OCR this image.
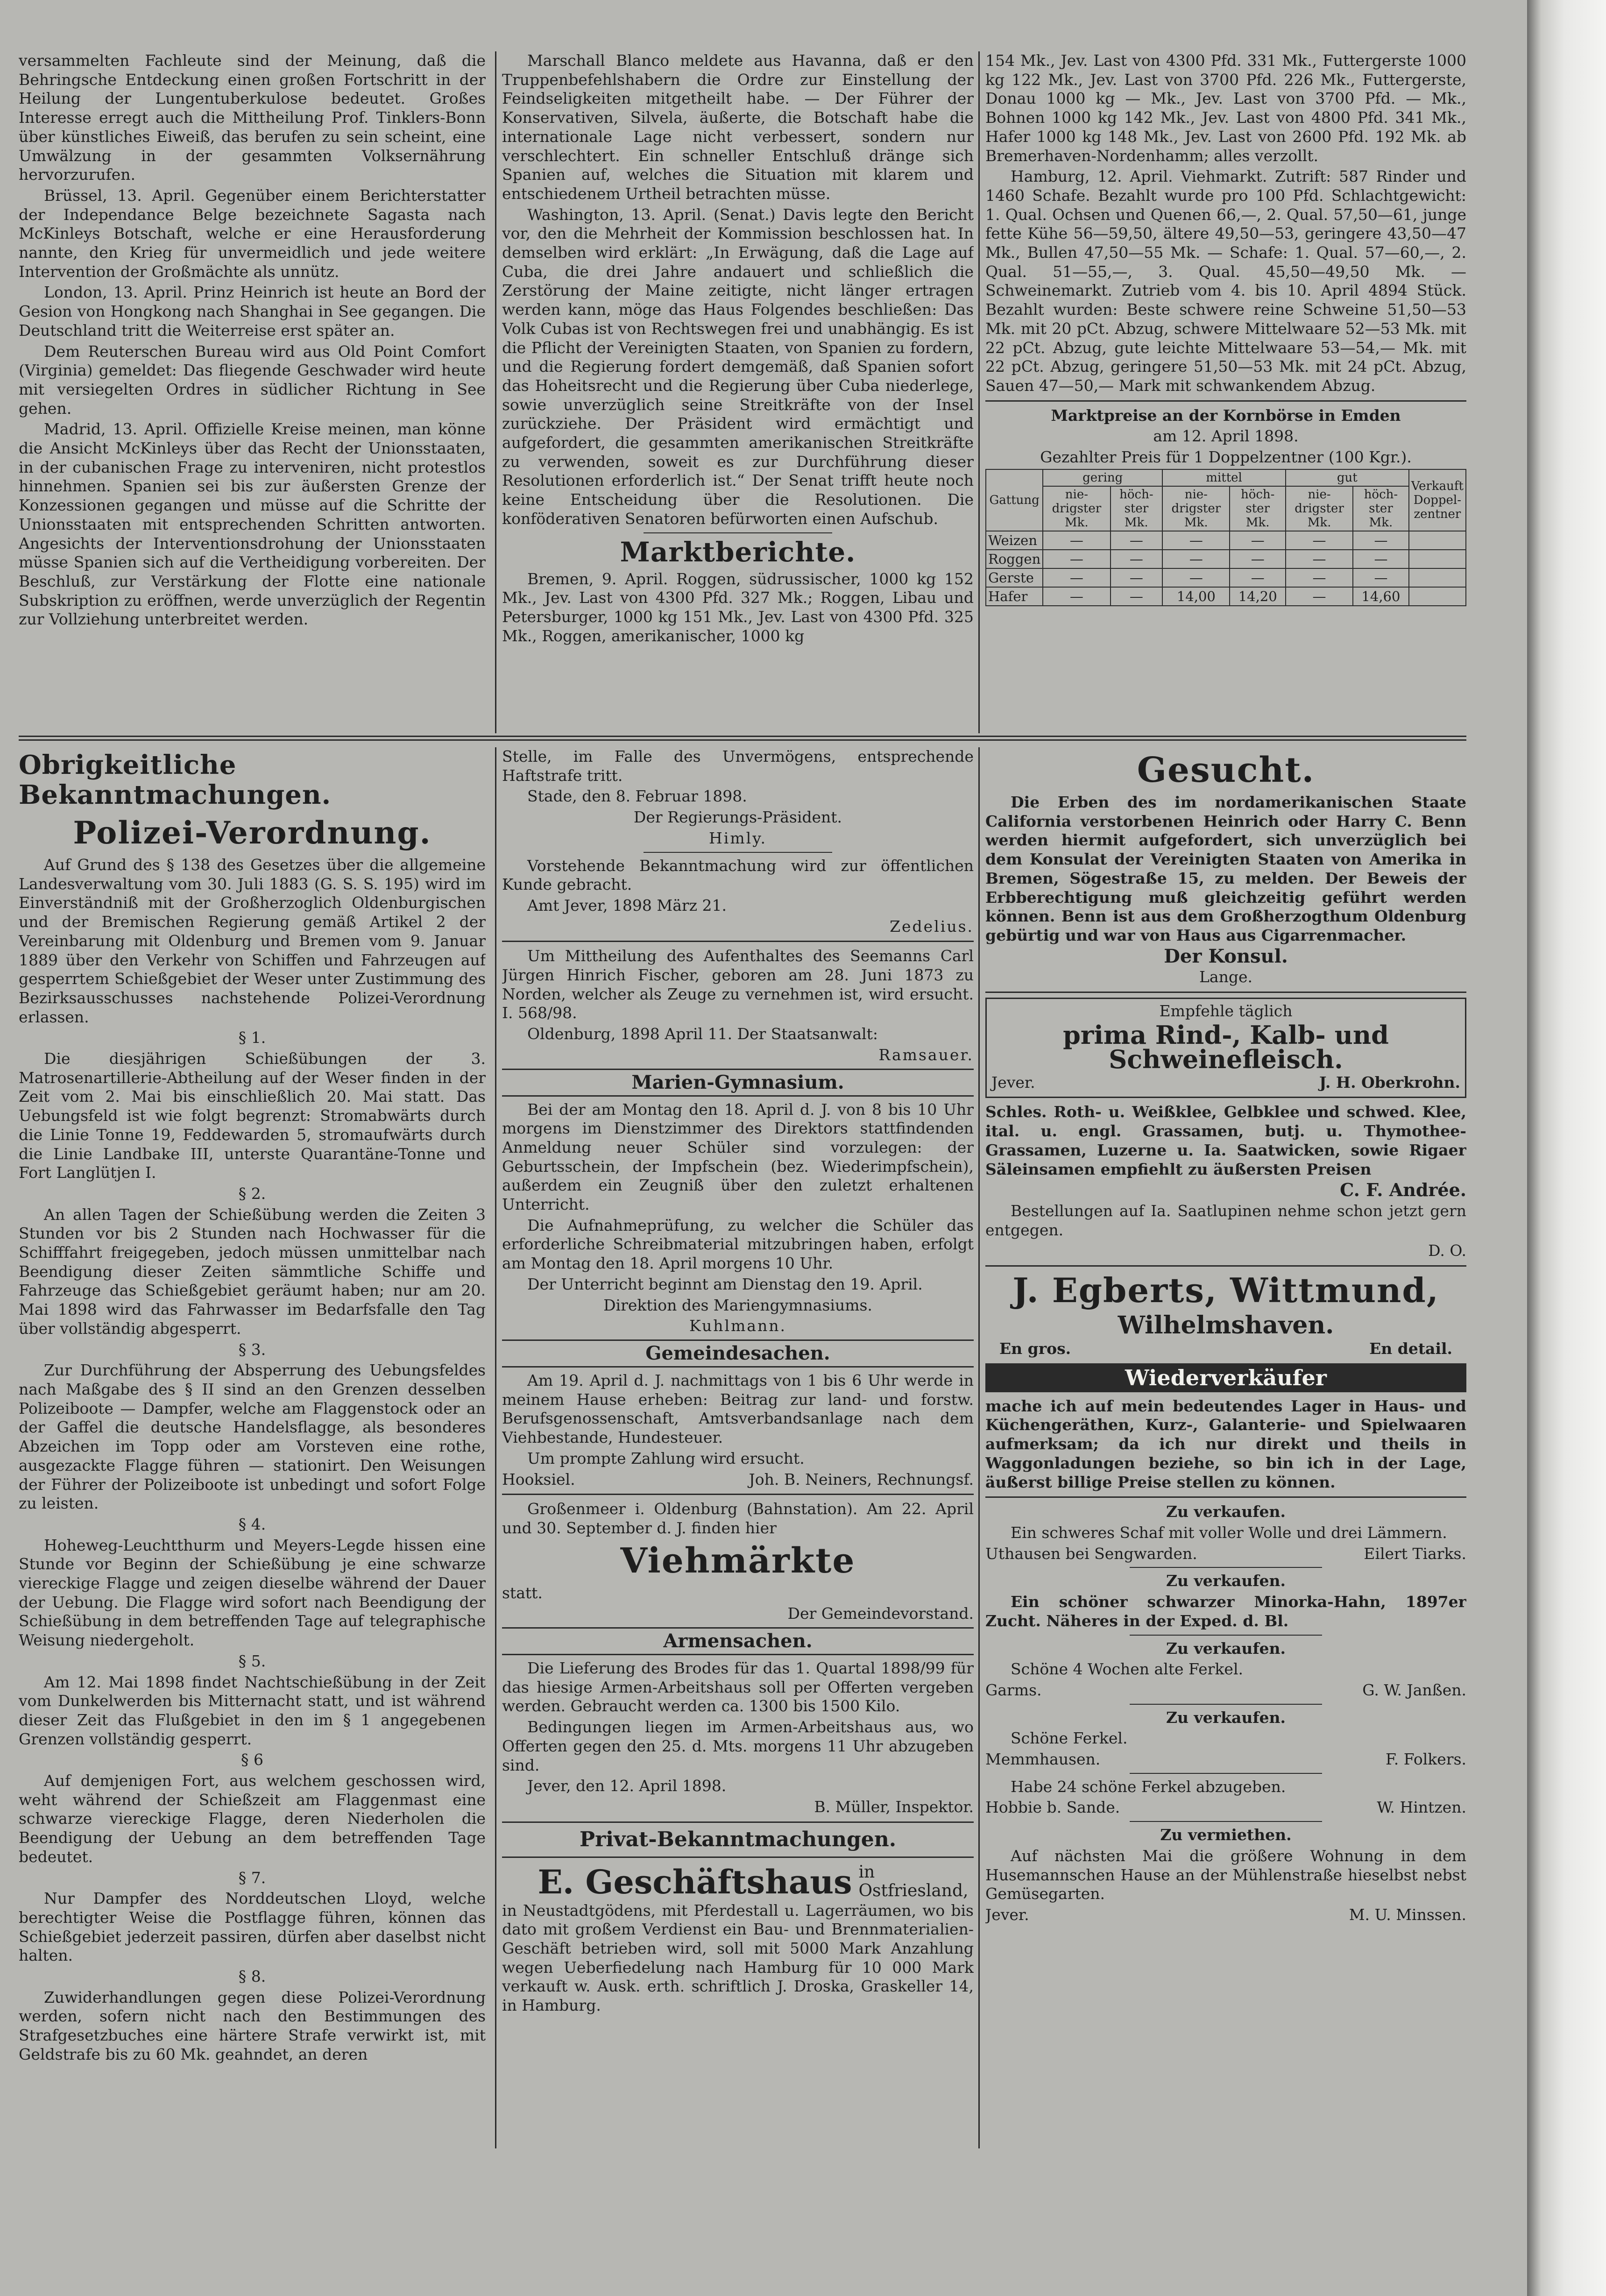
versammelten Fachleute sind der Meinung, daß die Behringsche Entdeckung einen großen Fortschritt in der Heilung der Lungentuberkulose bedeutet. Großes Interesse erregt auch die Mittheilung Prof. Tinklers-Bonn über künstliches Eiweiß, das berufen zu sein scheint, eine Umwälzung in der gesammten Volksernährung hervorzurufen.

Brüssel, 13. April. Gegenüber einem Berichterstatter der Independance Belge bezeichnete Sagasta nach McKinleys Botschaft, welche er eine Herausforderung nannte, den Krieg für unvermeidlich und jede weitere Intervention der Großmächte als unnütz.

London, 13. April. Prinz Heinrich ist heute an Bord der Gesion von Hongkong nach Shanghai in See gegangen. Die Deutschland tritt die Weiterreise erst später an.

Dem Reuterschen Bureau wird aus Old Point Comfort (Virginia) gemeldet: Das fliegende Geschwader wird heute mit versiegelten Ordres in südlicher Richtung in See gehen.

Madrid, 13. April. Offizielle Kreise meinen, man könne die Ansicht McKinleys über das Recht der Unionsstaaten, in der cubanischen Frage zu interveniren, nicht protestlos hinnehmen. Spanien sei bis zur äußersten Grenze der Konzessionen gegangen und müsse auf die Schritte der Unionsstaaten mit entsprechenden Schritten antworten. Angesichts der Interventionsdrohung der Unionsstaaten müsse Spanien sich auf die Vertheidigung vorbereiten. Der Beschluß, zur Verstärkung der Flotte eine nationale Subskription zu eröffnen, werde unverzüglich der Regentin zur Vollziehung unterbreitet werden.

Marschall Blanco meldete aus Havanna, daß er den Truppenbefehlshabern die Ordre zur Einstellung der Feindseligkeiten mitgetheilt habe. — Der Führer der Konservativen, Silvela, äußerte, die Botschaft habe die internationale Lage nicht verbessert, sondern nur verschlechtert. Ein schneller Entschluß dränge sich Spanien auf, welches die Situation mit klarem und entschiedenem Urtheil betrachten müsse.

Washington, 13. April. (Senat.) Davis legte den Bericht vor, den die Mehrheit der Kommission beschlossen hat. In demselben wird erklärt: „In Erwägung, daß die Lage auf Cuba, die drei Jahre andauert und schließlich die Zerstörung der Maine zeitigte, nicht länger ertragen werden kann, möge das Haus Folgendes beschließen: Das Volk Cubas ist von Rechtswegen frei und unabhängig. Es ist die Pflicht der Vereinigten Staaten, von Spanien zu fordern, und die Regierung fordert demgemäß, daß Spanien sofort das Hoheitsrecht und die Regierung über Cuba niederlege, sowie unverzüglich seine Streitkräfte von der Insel zurückziehe. Der Präsident wird ermächtigt und aufgefordert, die gesammten amerikanischen Streitkräfte zu verwenden, soweit es zur Durchführung dieser Resolutionen erforderlich ist.“ Der Senat trifft heute noch keine Entscheidung über die Resolutionen. Die konföderativen Senatoren befürworten einen Aufschub.

Marktberichte.

Bremen, 9. April. Roggen, südrussischer, 1000 kg 152 Mk., Jev. Last von 4300 Pfd. 327 Mk.; Roggen, Libau und Petersburger, 1000 kg 151 Mk., Jev. Last von 4300 Pfd. 325 Mk., Roggen, amerikanischer, 1000 kg

154 Mk., Jev. Last von 4300 Pfd. 331 Mk., Futtergerste 1000 kg 122 Mk., Jev. Last von 3700 Pfd. 226 Mk., Futtergerste, Donau 1000 kg — Mk., Jev. Last von 3700 Pfd. — Mk., Bohnen 1000 kg 142 Mk., Jev. Last von 4800 Pfd. 341 Mk., Hafer 1000 kg 148 Mk., Jev. Last von 2600 Pfd. 192 Mk. ab Bremerhaven-Nordenhamm; alles verzollt.

Hamburg, 12. April. Viehmarkt. Zutrift: 587 Rinder und 1460 Schafe. Bezahlt wurde pro 100 Pfd. Schlachtgewicht: 1. Qual. Ochsen und Quenen 66,—, 2. Qual. 57,50—61, junge fette Kühe 56—59,50, ältere 49,50—53, geringere 43,50—47 Mk., Bullen 47,50—55 Mk. — Schafe: 1. Qual. 57—60,—, 2. Qual. 51—55,—, 3. Qual. 45,50—49,50 Mk. — Schweinemarkt. Zutrieb vom 4. bis 10. April 4894 Stück. Bezahlt wurden: Beste schwere reine Schweine 51,50—53 Mk. mit 20 pCt. Abzug, schwere Mittelwaare 52—53 Mk. mit 22 pCt. Abzug, gute leichte Mittelwaare 53—54,— Mk. mit 22 pCt. Abzug, geringere 51,50—53 Mk. mit 24 pCt. Abzug, Sauen 47—50,— Mark mit schwankendem Abzug.

Marktpreise an der Kornbörse in Emden

am 12. April 1898.

Gezahlter Preis für 1 Doppelzentner (100 Kgr.).

Gattung	gering		mittel		gut		Verkauft Doppel-zentner
	nie-drigster Mk.	höch-ster Mk.	nie-drigster Mk.	höch-ster Mk.	nie-drigster Mk.	höch-ster Mk.	
Weizen	—	—	—	—	—	—	
Roggen	—	—	—	—	—	—	
Gerste	—	—	—	—	—	—	
Hafer	—	—	14,00	14,20	—	14,60	
Obrigkeitliche Bekanntmachungen.
Polizei-Verordnung.

Auf Grund des § 138 des Gesetzes über die allgemeine Landesverwaltung vom 30. Juli 1883 (G. S. S. 195) wird im Einverständniß mit der Großherzoglich Oldenburgischen und der Bremischen Regierung gemäß Artikel 2 der Vereinbarung mit Oldenburg und Bremen vom 9. Januar 1889 über den Verkehr von Schiffen und Fahrzeugen auf gesperrtem Schießgebiet der Weser unter Zustimmung des Bezirksausschusses nachstehende Polizei-Verordnung erlassen.

§ 1.

Die diesjährigen Schießübungen der 3. Matrosenartillerie-Abtheilung auf der Weser finden in der Zeit vom 2. Mai bis einschließlich 20. Mai statt. Das Uebungsfeld ist wie folgt begrenzt: Stromabwärts durch die Linie Tonne 19, Feddewarden 5, stromaufwärts durch die Linie Landbake III, unterste Quarantäne-Tonne und Fort Langlütjen I.

§ 2.

An allen Tagen der Schießübung werden die Zeiten 3 Stunden vor bis 2 Stunden nach Hochwasser für die Schifffahrt freigegeben, jedoch müssen unmittelbar nach Beendigung dieser Zeiten sämmtliche Schiffe und Fahrzeuge das Schießgebiet geräumt haben; nur am 20. Mai 1898 wird das Fahrwasser im Bedarfsfalle den Tag über vollständig abgesperrt.

§ 3.

Zur Durchführung der Absperrung des Uebungsfeldes nach Maßgabe des § II sind an den Grenzen desselben Polizeiboote — Dampfer, welche am Flaggenstock oder an der Gaffel die deutsche Handelsflagge, als besonderes Abzeichen im Topp oder am Vorsteven eine rothe, ausgezackte Flagge führen — stationirt. Den Weisungen der Führer der Polizeiboote ist unbedingt und sofort Folge zu leisten.

§ 4.

Hoheweg-Leuchtthurm und Meyers-Legde hissen eine Stunde vor Beginn der Schießübung je eine schwarze viereckige Flagge und zeigen dieselbe während der Dauer der Uebung. Die Flagge wird sofort nach Beendigung der Schießübung in dem betreffenden Tage auf telegraphische Weisung niedergeholt.

§ 5.

Am 12. Mai 1898 findet Nachtschießübung in der Zeit vom Dunkelwerden bis Mitternacht statt, und ist während dieser Zeit das Flußgebiet in den im § 1 angegebenen Grenzen vollständig gesperrt.

§ 6

Auf demjenigen Fort, aus welchem geschossen wird, weht während der Schießzeit am Flaggenmast eine schwarze viereckige Flagge, deren Niederholen die Beendigung der Uebung an dem betreffenden Tage bedeutet.

§ 7.

Nur Dampfer des Norddeutschen Lloyd, welche berechtigter Weise die Postflagge führen, können das Schießgebiet jederzeit passiren, dürfen aber daselbst nicht halten.

§ 8.

Zuwiderhandlungen gegen diese Polizei-Verordnung werden, sofern nicht nach den Bestimmungen des Strafgesetzbuches eine härtere Strafe verwirkt ist, mit Geldstrafe bis zu 60 Mk. geahndet, an deren

Stelle, im Falle des Unvermögens, entsprechende Haftstrafe tritt.

Stade, den 8. Februar 1898.

Der Regierungs-Präsident.

Himly.

Vorstehende Bekanntmachung wird zur öffentlichen Kunde gebracht.

Amt Jever, 1898 März 21.

Zedelius.

Um Mittheilung des Aufenthaltes des Seemanns Carl Jürgen Hinrich Fischer, geboren am 28. Juni 1873 zu Norden, welcher als Zeuge zu vernehmen ist, wird ersucht. I. 568/98.

Oldenburg, 1898 April 11. Der Staatsanwalt:

Ramsauer.

Marien-Gymnasium.

Bei der am Montag den 18. April d. J. von 8 bis 10 Uhr morgens im Dienstzimmer des Direktors stattfindenden Anmeldung neuer Schüler sind vorzulegen: der Geburtsschein, der Impfschein (bez. Wiederimpfschein), außerdem ein Zeugniß über den zuletzt erhaltenen Unterricht.

Die Aufnahmeprüfung, zu welcher die Schüler das erforderliche Schreibmaterial mitzubringen haben, erfolgt am Montag den 18. April morgens 10 Uhr.

Der Unterricht beginnt am Dienstag den 19. April.

Direktion des Mariengymnasiums.

Kuhlmann.

Gemeindesachen.

Am 19. April d. J. nachmittags von 1 bis 6 Uhr werde in meinem Hause erheben: Beitrag zur land- und forstw. Berufsgenossenschaft, Amtsverbandsanlage nach dem Viehbestande, Hundesteuer.

Um prompte Zahlung wird ersucht.

Hooksiel.	Joh. B. Neiners, Rechnungsf.

Großenmeer i. Oldenburg (Bahnstation). Am 22. April und 30. September d. J. finden hier

Viehmärkte

statt.

Der Gemeindevorstand.

Armensachen.

Die Lieferung des Brodes für das 1. Quartal 1898/99 für das hiesige Armen-Arbeitshaus soll per Offerten vergeben werden. Gebraucht werden ca. 1300 bis 1500 Kilo.

Bedingungen liegen im Armen-Arbeitshaus aus, wo Offerten gegen den 25. d. Mts. morgens 11 Uhr abzugeben sind.

Jever, den 12. April 1898.

B. Müller, Inspektor.

Privat-Bekanntmachungen.
E. Geschäftshaus in Ostfriesland,

in Neustadtgödens, mit Pferdestall u. Lagerräumen, wo bis dato mit großem Verdienst ein Bau- und Brennmaterialien-Geschäft betrieben wird, soll mit 5000 Mark Anzahlung wegen Ueberfiedelung nach Hamburg für 10 000 Mark verkauft w. Ausk. erth. schriftlich J. Droska, Graskeller 14, in Hamburg.

Gesucht.

Die Erben des im nordamerikanischen Staate California verstorbenen Heinrich oder Harry C. Benn werden hiermit aufgefordert, sich unverzüglich bei dem Konsulat der Vereinigten Staaten von Amerika in Bremen, Sögestraße 15, zu melden. Der Beweis der Erbberechtigung muß gleichzeitig geführt werden können. Benn ist aus dem Großherzogthum Oldenburg gebürtig und war von Haus aus Cigarrenmacher.

Der Konsul.

Lange.

Empfehle täglich

prima Rind-, Kalb- und Schweinefleisch.

Jever.	J. H. Oberkrohn.

Schles. Roth- u. Weißklee, Gelbklee und schwed. Klee, ital. u. engl. Grassamen, butj. u. Thymothee-Grassamen, Luzerne u. Ia. Saatwicken, sowie Rigaer Säleinsamen empfiehlt zu äußersten Preisen

C. F. Andrée.

Bestellungen auf Ia. Saatlupinen nehme schon jetzt gern entgegen.

D. O.

J. Egberts, Wittmund,
Wilhelmshaven.

En gros.	En detail.

Wiederverkäufer

mache ich auf mein bedeutendes Lager in Haus- und Küchengeräthen, Kurz-, Galanterie- und Spielwaaren aufmerksam; da ich nur direkt und theils in Waggonladungen beziehe, so bin ich in der Lage, äußerst billige Preise stellen zu können.

Zu verkaufen.

Ein schweres Schaf mit voller Wolle und drei Lämmern.

Uthausen bei Sengwarden.	Eilert Tiarks.

Zu verkaufen.

Ein schöner schwarzer Minorka-Hahn, 1897er Zucht. Näheres in der Exped. d. Bl.

Zu verkaufen.

Schöne 4 Wochen alte Ferkel.

Garms.	G. W. Janßen.

Zu verkaufen.

Schöne Ferkel.

Memmhausen.	F. Folkers.

Habe 24 schöne Ferkel abzugeben.

Hobbie b. Sande.	W. Hintzen.

Zu vermiethen.

Auf nächsten Mai die größere Wohnung in dem Husemannschen Hause an der Mühlenstraße hieselbst nebst Gemüsegarten.

Jever.	M. U. Minssen.
